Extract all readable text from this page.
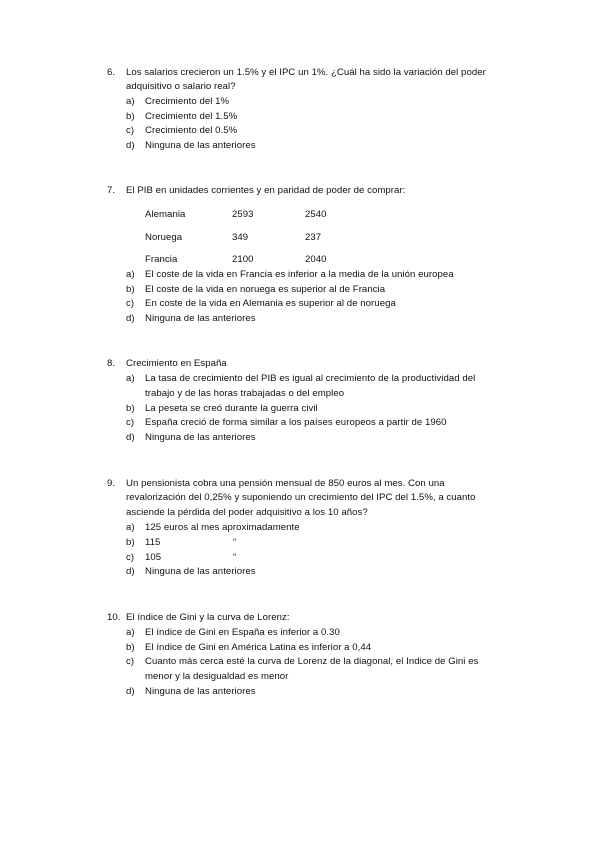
6. Los salarios crecieron un 1.5% y el IPC un 1%. ¿Cuál ha sido la variación del poder
adquisitivo o salario real?
a) Crecimiento del 1%
b) Crecimiento del 1.5%
c) Crecimiento del 0.5%
d) Ninguna de las anteriores
7. El PIB en unidades corrientes y en paridad de poder de comprar:
Alemania	2593	2540
Noruega	349	237
Francia	2100	2040
a) El coste de la vida en Francia es inferior a la media de la unión europea
b) El coste de la vida en noruega es superior al de Francia
c) En coste de la vida en Alemania es superior al de noruega
d) Ninguna de las anteriores
8. Crecimiento en España
a) La tasa de crecimiento del PIB es igual al crecimiento de la productividad del
trabajo y de las horas trabajadas o del empleo
b) La peseta se creó durante la guerra civil
c) España creció de forma similar a los países europeos a partir de 1960
d) Ninguna de las anteriores
9. Un pensionista cobra una pensión mensual de 850 euros al mes. Con una
revalorización del 0,25% y suponiendo un crecimiento del IPC del 1.5%, a cuanto
asciende la pérdida del poder adquisitivo a los 10 años?
a) 125 euros al mes aproximadamente
b) 115	“
c) 105	“
d) Ninguna de las anteriores
10. El índice de Gini y la curva de Lorenz:
a) El índice de Gini en España es inferior a 0.30
b) El índice de Gini en América Latina es inferior a 0,44
c) Cuanto más cerca esté la curva de Lorenz de la diagonal, el Indice de Gini es
menor y la desigualdad es menor
d) Ninguna de las anteriores
